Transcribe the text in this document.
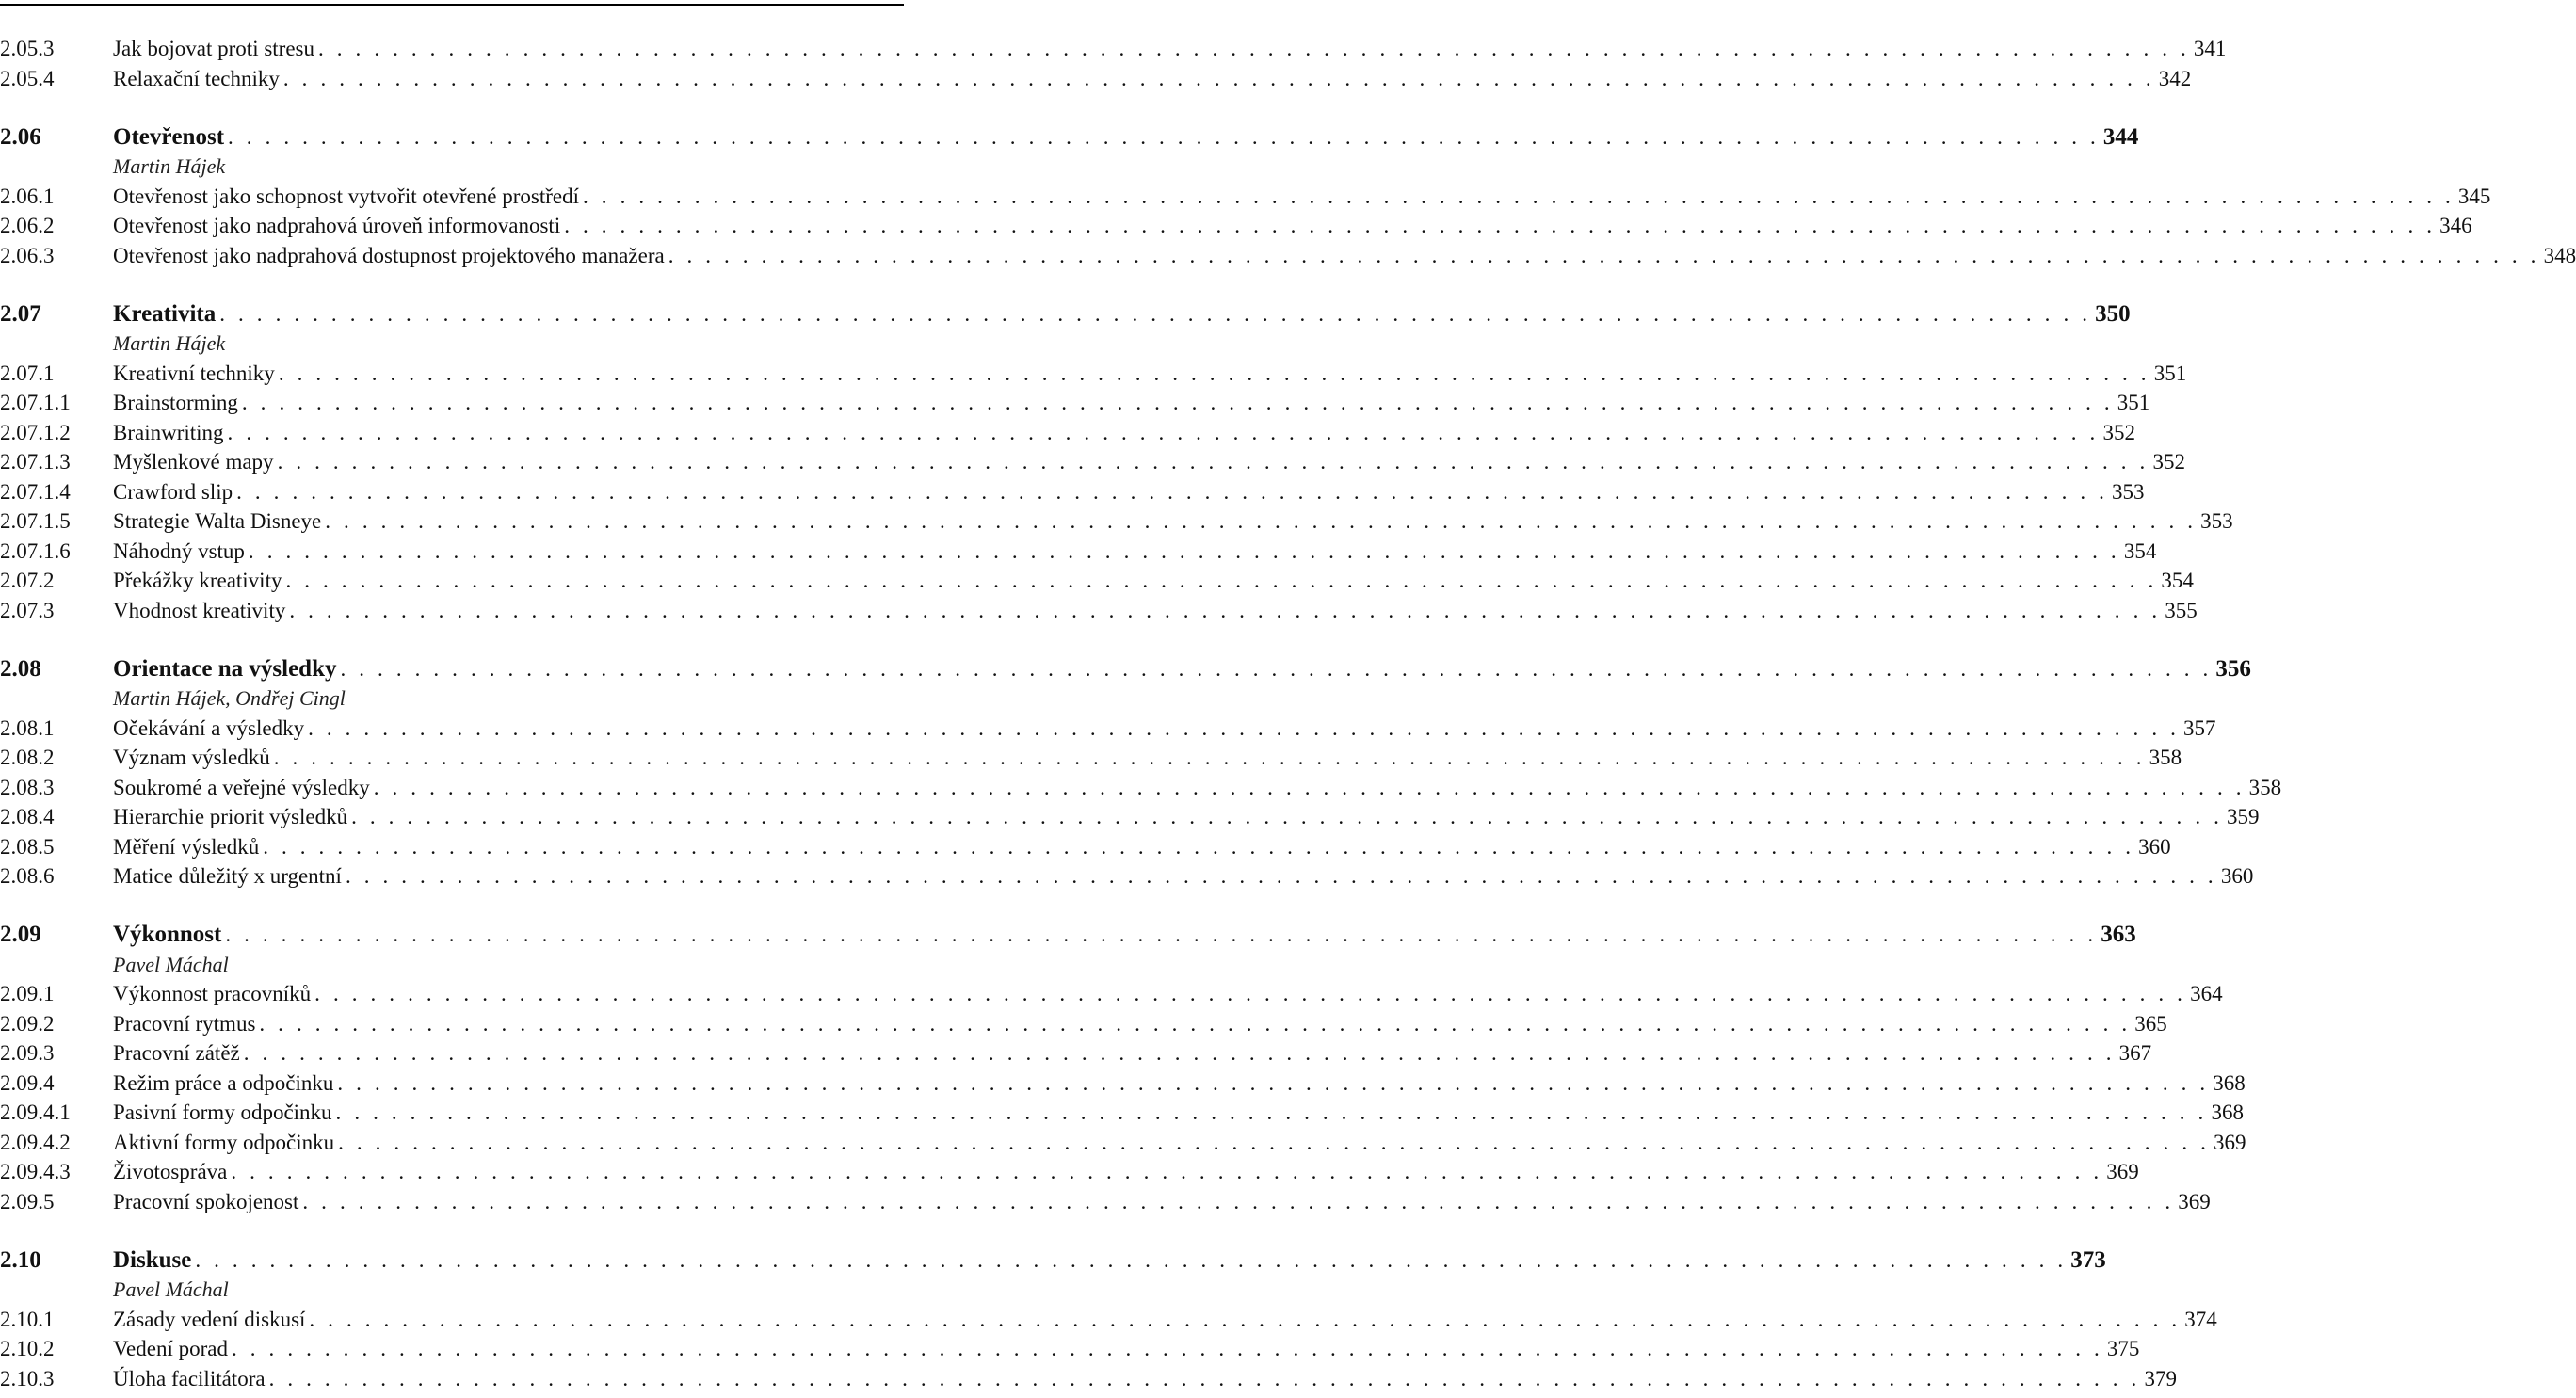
2.05.3	Jak bojovat proti stresu . . . . . . . . . . . . . . . . . . . . . . . . . . . . . . . . . . . . . . . . . . . . . . . . . . . . . . . . . . . . . . . . . . . . . . . . . . . . . . . . . . . . . . . . . . . . . . . . . . . . . 341
2.05.4	Relaxační techniky . . . . . . . . . . . . . . . . . . . . . . . . . . . . . . . . . . . . . . . . . . . . . . . . . . . . . . . . . . . . . . . . . . . . . . . . . . . . . . . . . . . . . . . . . . . . . . . . . . . . . 342
2.06	Otevřenost . . . . . . . . . . . . . . . . . . . . . . . . . . . . . . . . . . . . . . . . . . . . . . . . . . . . . . . . . . . . . . . . . . . . . . . . . . . . . . . . . . . . . . . . . . . . . . . . . . . . . 344
Martin Hájek
2.06.1	Otevřenost jako schopnost vytvořit otevřené prostředí . . . . . . . . . . . . . . . . . . . . . . . . . . . . . . . . . . . . . . . . . . . . . . . . . . . . . . . . . . . . . . . . . . . . . . . . . . . . . . . . . . . . . . . . . . . . . . . . . . . . . 345
2.06.2	Otevřenost jako nadprahová úroveň informovanosti . . . . . . . . . . . . . . . . . . . . . . . . . . . . . . . . . . . . . . . . . . . . . . . . . . . . . . . . . . . . . . . . . . . . . . . . . . . . . . . . . . . . . . . . . . . . . . . . . . . . . 346
2.06.3	Otevřenost jako nadprahová dostupnost projektového manažera . . . . . . . . . . . . . . . . . . . . . . . . . . . . . . . . . . . . . . . . . . . . . . . . . . . . . . . . . . . . . . . . . . . . . . . . . . . . . . . . . . . . . . . . . . . . . . . . . . . . . 348
2.07	Kreativita . . . . . . . . . . . . . . . . . . . . . . . . . . . . . . . . . . . . . . . . . . . . . . . . . . . . . . . . . . . . . . . . . . . . . . . . . . . . . . . . . . . . . . . . . . . . . . . . . . . . . 350
Martin Hájek
2.07.1	Kreativní techniky . . . . . . . . . . . . . . . . . . . . . . . . . . . . . . . . . . . . . . . . . . . . . . . . . . . . . . . . . . . . . . . . . . . . . . . . . . . . . . . . . . . . . . . . . . . . . . . . . . . . . 351
2.07.1.1 Brainstorming . . . . . . . . . . . . . . . . . . . . . . . . . . . . . . . . . . . . . . . . . . . . . . . . . . . . . . . . . . . . . . . . . . . . . . . . . . . . . . . . . . . . . . . . . . . . . . . . . . . . . 351
2.07.1.2 Brainwriting . . . . . . . . . . . . . . . . . . . . . . . . . . . . . . . . . . . . . . . . . . . . . . . . . . . . . . . . . . . . . . . . . . . . . . . . . . . . . . . . . . . . . . . . . . . . . . . . . . . . . 352
2.07.1.3 Myšlenkové mapy . . . . . . . . . . . . . . . . . . . . . . . . . . . . . . . . . . . . . . . . . . . . . . . . . . . . . . . . . . . . . . . . . . . . . . . . . . . . . . . . . . . . . . . . . . . . . . . . . . . . . 352
2.07.1.4 Crawford slip . . . . . . . . . . . . . . . . . . . . . . . . . . . . . . . . . . . . . . . . . . . . . . . . . . . . . . . . . . . . . . . . . . . . . . . . . . . . . . . . . . . . . . . . . . . . . . . . . . . . . 353
2.07.1.5 Strategie Walta Disneye . . . . . . . . . . . . . . . . . . . . . . . . . . . . . . . . . . . . . . . . . . . . . . . . . . . . . . . . . . . . . . . . . . . . . . . . . . . . . . . . . . . . . . . . . . . . . . . . . . . . . 353
2.07.1.6 Náhodný vstup . . . . . . . . . . . . . . . . . . . . . . . . . . . . . . . . . . . . . . . . . . . . . . . . . . . . . . . . . . . . . . . . . . . . . . . . . . . . . . . . . . . . . . . . . . . . . . . . . . . . . 354
2.07.2	Překážky kreativity . . . . . . . . . . . . . . . . . . . . . . . . . . . . . . . . . . . . . . . . . . . . . . . . . . . . . . . . . . . . . . . . . . . . . . . . . . . . . . . . . . . . . . . . . . . . . . . . . . . . . 354
2.07.3	Vhodnost kreativity . . . . . . . . . . . . . . . . . . . . . . . . . . . . . . . . . . . . . . . . . . . . . . . . . . . . . . . . . . . . . . . . . . . . . . . . . . . . . . . . . . . . . . . . . . . . . . . . . . . . . 355
2.08	Orientace na výsledky . . . . . . . . . . . . . . . . . . . . . . . . . . . . . . . . . . . . . . . . . . . . . . . . . . . . . . . . . . . . . . . . . . . . . . . . . . . . . . . . . . . . . . . . . . . . . . . . . . . . . 356
Martin Hájek, Ondřej Cingl
2.08.1	Očekávání a výsledky . . . . . . . . . . . . . . . . . . . . . . . . . . . . . . . . . . . . . . . . . . . . . . . . . . . . . . . . . . . . . . . . . . . . . . . . . . . . . . . . . . . . . . . . . . . . . . . . . . . . . 357
2.08.2	Význam výsledků . . . . . . . . . . . . . . . . . . . . . . . . . . . . . . . . . . . . . . . . . . . . . . . . . . . . . . . . . . . . . . . . . . . . . . . . . . . . . . . . . . . . . . . . . . . . . . . . . . . . . 358
2.08.3	Soukromé a veřejné výsledky . . . . . . . . . . . . . . . . . . . . . . . . . . . . . . . . . . . . . . . . . . . . . . . . . . . . . . . . . . . . . . . . . . . . . . . . . . . . . . . . . . . . . . . . . . . . . . . . . . . . . 358
2.08.4	Hierarchie priorit výsledků . . . . . . . . . . . . . . . . . . . . . . . . . . . . . . . . . . . . . . . . . . . . . . . . . . . . . . . . . . . . . . . . . . . . . . . . . . . . . . . . . . . . . . . . . . . . . . . . . . . . . 359
2.08.5	Měření výsledků . . . . . . . . . . . . . . . . . . . . . . . . . . . . . . . . . . . . . . . . . . . . . . . . . . . . . . . . . . . . . . . . . . . . . . . . . . . . . . . . . . . . . . . . . . . . . . . . . . . . . 360
2.08.6	Matice důležitý x urgentní . . . . . . . . . . . . . . . . . . . . . . . . . . . . . . . . . . . . . . . . . . . . . . . . . . . . . . . . . . . . . . . . . . . . . . . . . . . . . . . . . . . . . . . . . . . . . . . . . . . . . 360
2.09	Výkonnost . . . . . . . . . . . . . . . . . . . . . . . . . . . . . . . . . . . . . . . . . . . . . . . . . . . . . . . . . . . . . . . . . . . . . . . . . . . . . . . . . . . . . . . . . . . . . . . . . . . . . 363
Pavel Máchal
2.09.1	Výkonnost pracovníků . . . . . . . . . . . . . . . . . . . . . . . . . . . . . . . . . . . . . . . . . . . . . . . . . . . . . . . . . . . . . . . . . . . . . . . . . . . . . . . . . . . . . . . . . . . . . . . . . . . . . 364
2.09.2	Pracovní rytmus . . . . . . . . . . . . . . . . . . . . . . . . . . . . . . . . . . . . . . . . . . . . . . . . . . . . . . . . . . . . . . . . . . . . . . . . . . . . . . . . . . . . . . . . . . . . . . . . . . . . . 365
2.09.3	Pracovní zátěž . . . . . . . . . . . . . . . . . . . . . . . . . . . . . . . . . . . . . . . . . . . . . . . . . . . . . . . . . . . . . . . . . . . . . . . . . . . . . . . . . . . . . . . . . . . . . . . . . . . . . 367
2.09.4	Režim práce a odpočinku . . . . . . . . . . . . . . . . . . . . . . . . . . . . . . . . . . . . . . . . . . . . . . . . . . . . . . . . . . . . . . . . . . . . . . . . . . . . . . . . . . . . . . . . . . . . . . . . . . . . . 368
2.09.4.1 Pasivní formy odpočinku . . . . . . . . . . . . . . . . . . . . . . . . . . . . . . . . . . . . . . . . . . . . . . . . . . . . . . . . . . . . . . . . . . . . . . . . . . . . . . . . . . . . . . . . . . . . . . . . . . . . . 368
2.09.4.2 Aktivní formy odpočinku . . . . . . . . . . . . . . . . . . . . . . . . . . . . . . . . . . . . . . . . . . . . . . . . . . . . . . . . . . . . . . . . . . . . . . . . . . . . . . . . . . . . . . . . . . . . . . . . . . . . . 369
2.09.4.3 Životospráva . . . . . . . . . . . . . . . . . . . . . . . . . . . . . . . . . . . . . . . . . . . . . . . . . . . . . . . . . . . . . . . . . . . . . . . . . . . . . . . . . . . . . . . . . . . . . . . . . . . . . 369
2.09.5	Pracovní spokojenost . . . . . . . . . . . . . . . . . . . . . . . . . . . . . . . . . . . . . . . . . . . . . . . . . . . . . . . . . . . . . . . . . . . . . . . . . . . . . . . . . . . . . . . . . . . . . . . . . . . . . 369
2.10	Diskuse . . . . . . . . . . . . . . . . . . . . . . . . . . . . . . . . . . . . . . . . . . . . . . . . . . . . . . . . . . . . . . . . . . . . . . . . . . . . . . . . . . . . . . . . . . . . . . . . . . . . . 373
Pavel Máchal
2.10.1	Zásady vedení diskusí . . . . . . . . . . . . . . . . . . . . . . . . . . . . . . . . . . . . . . . . . . . . . . . . . . . . . . . . . . . . . . . . . . . . . . . . . . . . . . . . . . . . . . . . . . . . . . . . . . . . . 374
2.10.2	Vedení porad . . . . . . . . . . . . . . . . . . . . . . . . . . . . . . . . . . . . . . . . . . . . . . . . . . . . . . . . . . . . . . . . . . . . . . . . . . . . . . . . . . . . . . . . . . . . . . . . . . . . . 375
2.10.3	Úloha facilitátora . . . . . . . . . . . . . . . . . . . . . . . . . . . . . . . . . . . . . . . . . . . . . . . . . . . . . . . . . . . . . . . . . . . . . . . . . . . . . . . . . . . . . . . . . . . . . . . . . . . . . 379
